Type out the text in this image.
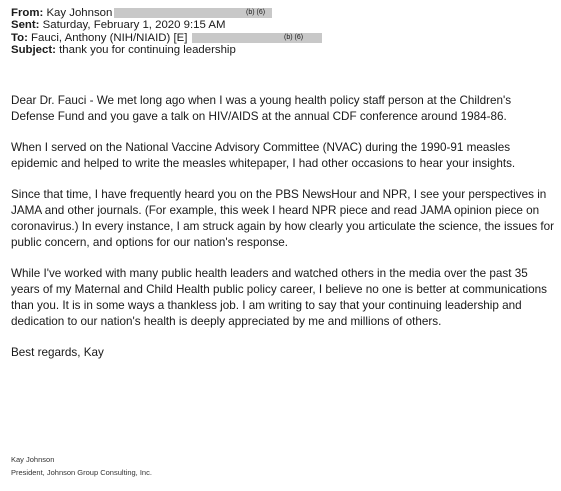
From: Kay Johnson	(b) (6)
Sent: Saturday, February 1, 2020 9:15 AM
To: Fauci, Anthony (NIH/NIAID) [E]	(b) (6)
Subject: thank you for continuing leadership

Dear Dr. Fauci - We met long ago when I was a young health policy staff person at the Children's Defense Fund and you gave a talk on HIV/AIDS at the annual CDF conference around 1984-86.

When I served on the National Vaccine Advisory Committee (NVAC) during the 1990-91 measles epidemic and helped to write the measles whitepaper, I had other occasions to hear your insights.

Since that time, I have frequently heard you on the PBS NewsHour and NPR, I see your perspectives in JAMA and other journals. (For example, this week I heard NPR piece and read JAMA opinion piece on coronavirus.) In every instance, I am struck again by how clearly you articulate the science, the issues for public concern, and options for our nation's response.

While I've worked with many public health leaders and watched others in the media over the past 35 years of my Maternal and Child Health public policy career, I believe no one is better at communications than you. It is in some ways a thankless job. I am writing to say that your continuing leadership and dedication to our nation's health is deeply appreciated by me and millions of others.

Best regards, Kay

Kay Johnson
President, Johnson Group Consulting, Inc.
